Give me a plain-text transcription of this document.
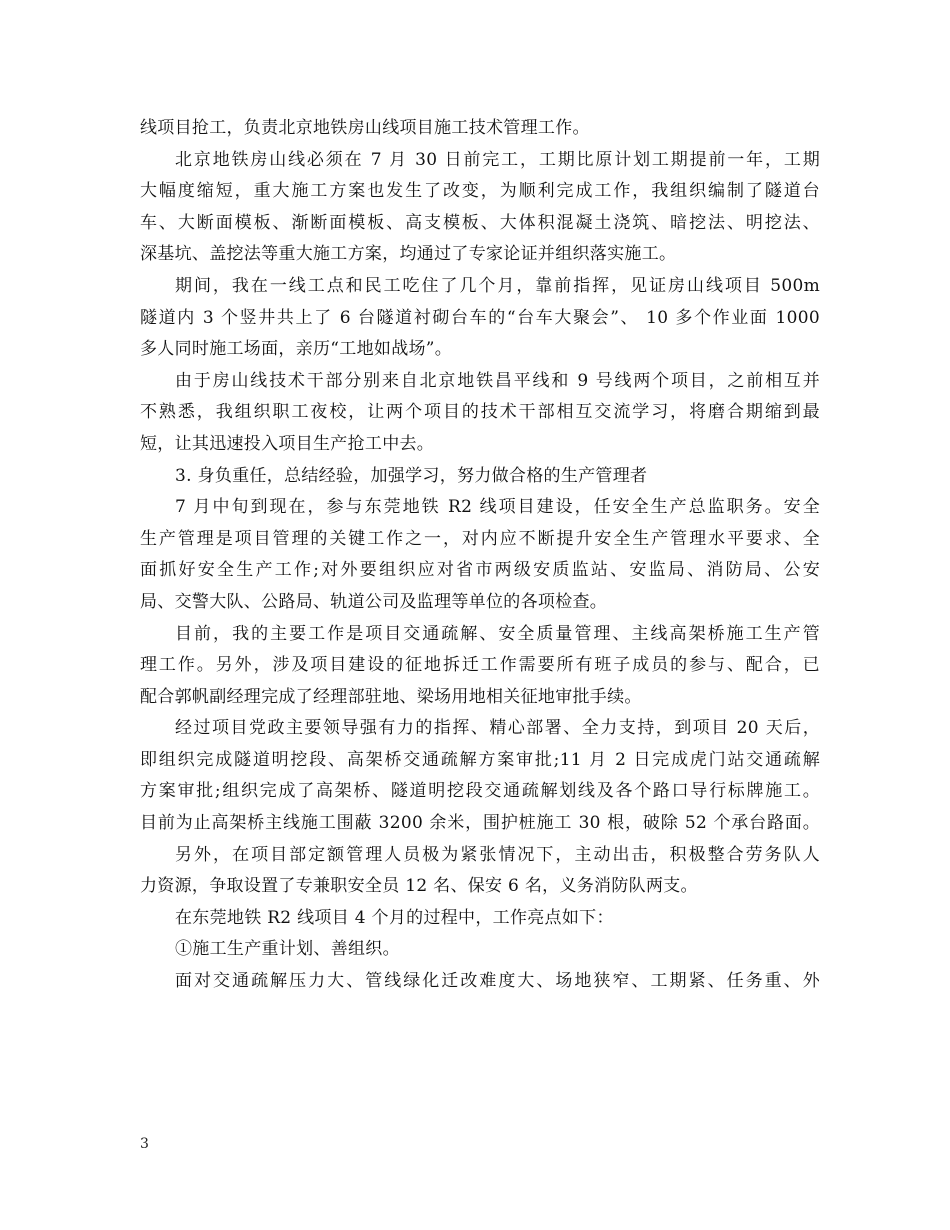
线项目抢工，负责北京地铁房山线项目施工技术管理工作。
北京地铁房山线必须在 7 月 30 日前完工，工期比原计划工期提前一年，工期
大幅度缩短，重大施工方案也发生了改变，为顺利完成工作，我组织编制了隧道台
车、大断面模板、渐断面模板、高支模板、大体积混凝土浇筑、暗挖法、明挖法、
深基坑、盖挖法等重大施工方案，均通过了专家论证并组织落实施工。
期间，我在一线工点和民工吃住了几个月，靠前指挥，见证房山线项目 500m
隧道内 3 个竖井共上了 6 台隧道衬砌台车的“台车大聚会”、 10 多个作业面 1000
多人同时施工场面，亲历“工地如战场”。
由于房山线技术干部分别来自北京地铁昌平线和 9 号线两个项目，之前相互并
不熟悉，我组织职工夜校，让两个项目的技术干部相互交流学习，将磨合期缩到最
短，让其迅速投入项目生产抢工中去。
3. 身负重任，总结经验，加强学习，努力做合格的生产管理者
7 月中旬到现在，参与东莞地铁 R2 线项目建设，任安全生产总监职务。安全
生产管理是项目管理的关键工作之一，对内应不断提升安全生产管理水平要求、全
面抓好安全生产工作;对外要组织应对省市两级安质监站、安监局、消防局、公安
局、交警大队、公路局、轨道公司及监理等单位的各项检查。
目前，我的主要工作是项目交通疏解、安全质量管理、主线高架桥施工生产管
理工作。另外，涉及项目建设的征地拆迁工作需要所有班子成员的参与、配合，已
配合郭帆副经理完成了经理部驻地、梁场用地相关征地审批手续。
经过项目党政主要领导强有力的指挥、精心部署、全力支持，到项目 20 天后，
即组织完成隧道明挖段、高架桥交通疏解方案审批;11 月 2 日完成虎门站交通疏解
方案审批;组织完成了高架桥、隧道明挖段交通疏解划线及各个路口导行标牌施工。
目前为止高架桥主线施工围蔽 3200 余米，围护桩施工 30 根，破除 52 个承台路面。
另外，在项目部定额管理人员极为紧张情况下，主动出击，积极整合劳务队人
力资源，争取设置了专兼职安全员 12 名、保安 6 名，义务消防队两支。
在东莞地铁 R2 线项目 4 个月的过程中，工作亮点如下：
①施工生产重计划、善组织。
面对交通疏解压力大、管线绿化迁改难度大、场地狭窄、工期紧、任务重、外
3
